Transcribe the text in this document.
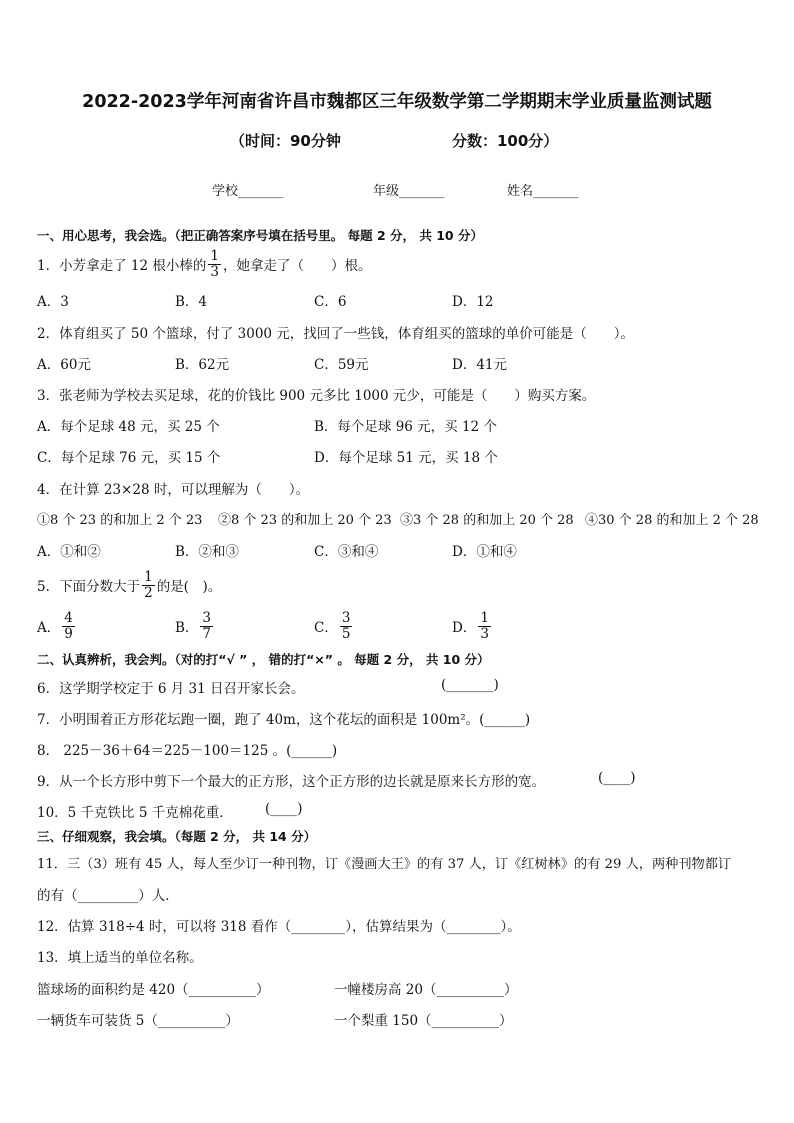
2022-2023学年河南省许昌市魏都区三年级数学第二学期期末学业质量监测试题
（时间：90分钟	分数：100分）
学校_______	年级_______	姓名_______
一、用心思考，我会选。（把正确答案序号填在括号里。 每题 2 分， 共 10 分）
1．小芳拿走了 12 根小棒的 $\frac{1}{3}$ ，她拿走了（　　）根。
A．3	B．4	C．6	D．12
2．体育组买了 50 个篮球，付了 3000 元，找回了一些钱，体育组买的篮球的单价可能是（　　）。
A．60元	B．62元	C．59元	D．41元
3．张老师为学校去买足球，花的价钱比 900 元多比 1000 元少，可能是（　　）购买方案。
A．每个足球 48 元，买 25 个	B．每个足球 96 元，买 12 个
C．每个足球 76 元，买 15 个	D．每个足球 51 元，买 18 个
4．在计算 23×28 时，可以理解为（　　）。
①8 个 23 的和加上 2 个 23 ②8 个 23 的和加上 20 个 23 ③3 个 28 的和加上 20 个 28 ④30 个 28 的和加上 2 个 28
A．①和②	B．②和③	C．③和④	D．①和④
5．下面分数大于 $\frac{1}{2}$ 的是(　)。
A． $\frac{4}{9}$	B． $\frac{3}{7}$	C． $\frac{3}{5}$	D． $\frac{1}{3}$
二、认真辨析，我会判。（对的打“√ ” ， 错的打“×” 。 每题 2 分， 共 10 分）
6．这学期学校定于 6 月 31 日召开家长会。	(_______)
7．小明围着正方形花坛跑一圈，跑了 40m，这个花坛的面积是 100m²。(______)
8． 225－36＋64＝225－100＝125 。(______)
9．从一个长方形中剪下一个最大的正方形，这个正方形的边长就是原来长方形的宽。	(____)
10．5 千克铁比 5 千克棉花重． (____)
三、仔细观察，我会填。（每题 2 分， 共 14 分）
11．三（3）班有 45 人，每人至少订一种刊物，订《漫画大王》的有 37 人，订《红树林》的有 29 人，两种刊物都订
的有（_________）人．
12．估算 318÷4 时，可以将 318 看作（________），估算结果为（________）。
13．填上适当的单位名称。
篮球场的面积约是 420（__________）	一幢楼房高 20（__________）
一辆货车可装货 5（__________）	一个梨重 150（__________）
